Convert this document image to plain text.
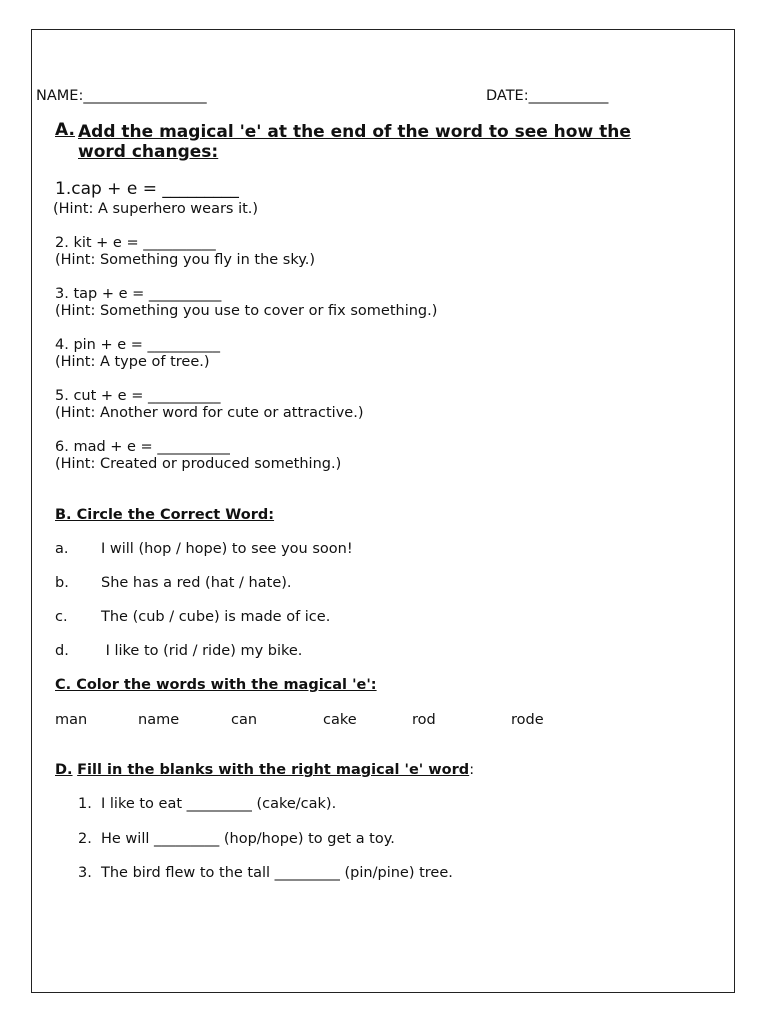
NAME:_________________	DATE:___________
A. Add the magical 'e' at the end of the word to see how the word changes:
1.cap + e = _________
(Hint: A superhero wears it.)
2. kit + e = __________
(Hint: Something you fly in the sky.)
3. tap + e = __________
(Hint: Something you use to cover or fix something.)
4. pin + e = __________
(Hint: A type of tree.)
5. cut + e = __________
(Hint: Another word for cute or attractive.)
6. mad + e = __________
(Hint: Created or produced something.)
B. Circle the Correct Word:
a. I will (hop / hope) to see you soon!
b. She has a red (hat / hate).
c. The (cub / cube) is made of ice.
d. I like to (rid / ride) my bike.
C. Color the words with the magical 'e':
man	name	can	cake	rod	rode
D. Fill in the blanks with the right magical 'e' word:
1. I like to eat _________ (cake/cak).
2. He will _________ (hop/hope) to get a toy.
3. The bird flew to the tall _________ (pin/pine) tree.
